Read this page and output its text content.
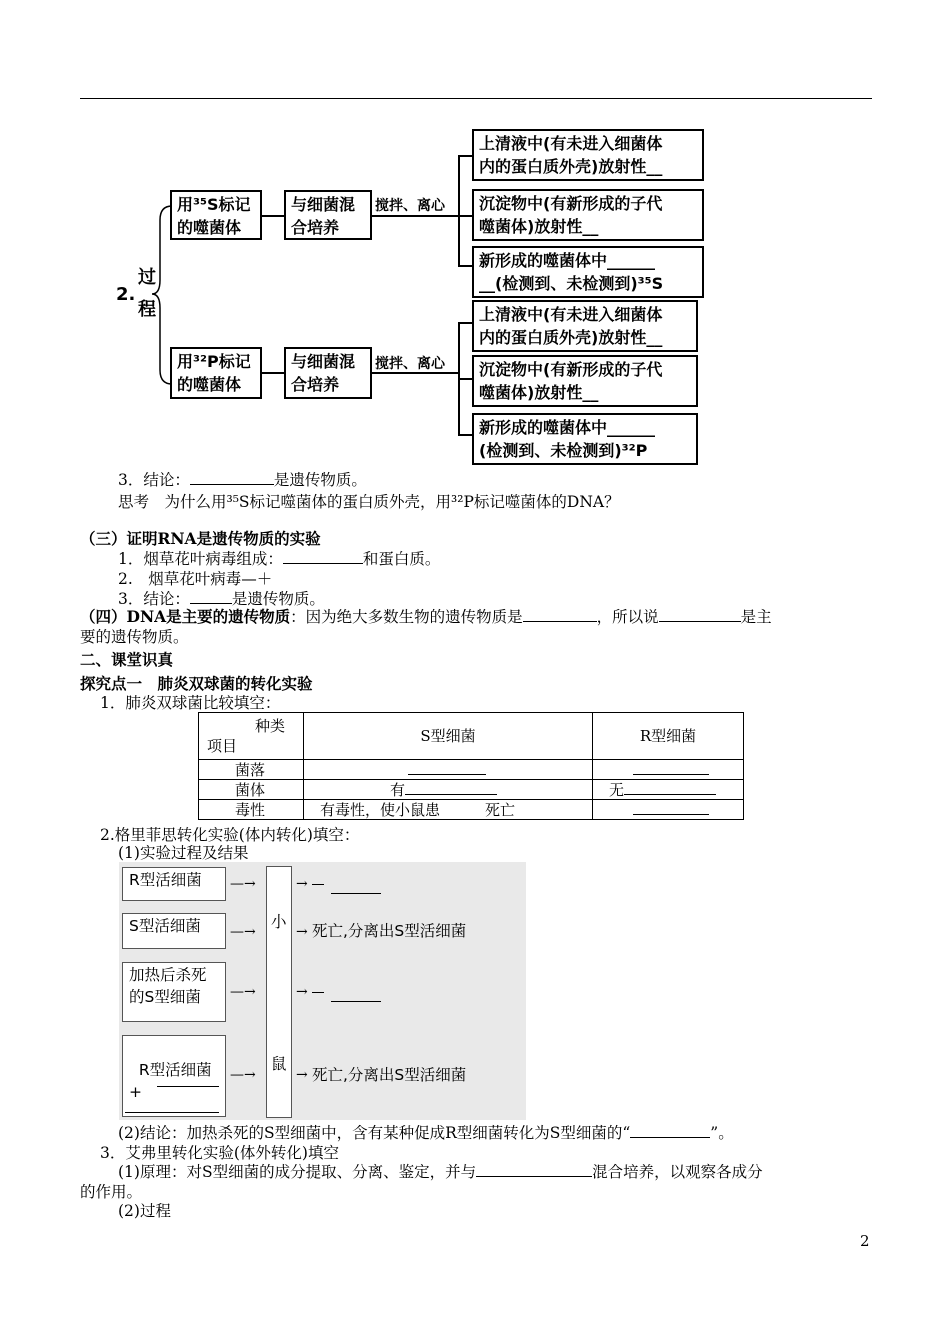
2.
过
程
用³⁵S标记
的噬菌体
与细菌混
合培养
搅拌、离心
上清液中(有未进入细菌体
内的蛋白质外壳)放射性__
沉淀物中(有新形成的子代
噬菌体)放射性__
新形成的噬菌体中______
__(检测到、未检测到)³⁵S
用³²P标记
的噬菌体
与细菌混
合培养
搅拌、离心
上清液中(有未进入细菌体
内的蛋白质外壳)放射性__
沉淀物中(有新形成的子代
噬菌体)放射性__
新形成的噬菌体中______
(检测到、未检测到)³²P
3．结论：	是遗传物质。
思考　为什么用³⁵S标记噬菌体的蛋白质外壳，用³²P标记噬菌体的DNA？
（三）证明RNA是遗传物质的实验
1．烟草花叶病毒组成：	和蛋白质。
2.　烟草花叶病毒—＋
3．结论：	是遗传物质。
（四）DNA是主要的遗传物质：因为绝大多数生物的遗传物质是	，所以说	是主
要的遗传物质。
二、课堂识真
探究点一　肺炎双球菌的转化实验
1．肺炎双球菌比较填空：
种类
项目	S型细菌	R型细菌
菌落		
菌体	有	无
毒性	有毒性，使小鼠患　　　死亡	
2.格里菲思转化实验(体内转化)填空：
(1)实验过程及结果
R型活细菌
S型活细菌
加热后杀死
的S型细菌

R型活细菌
+

—→
—→
—→
—→

小

鼠

→
→
→
→
死亡,分离出S型活细菌
死亡,分离出S型活细菌
(2)结论：加热杀死的S型细菌中，含有某种促成R型细菌转化为S型细菌的“	”。
3．艾弗里转化实验(体外转化)填空
(1)原理：对S型细菌的成分提取、分离、鉴定，并与	混合培养，以观察各成分
的作用。
(2)过程
2
